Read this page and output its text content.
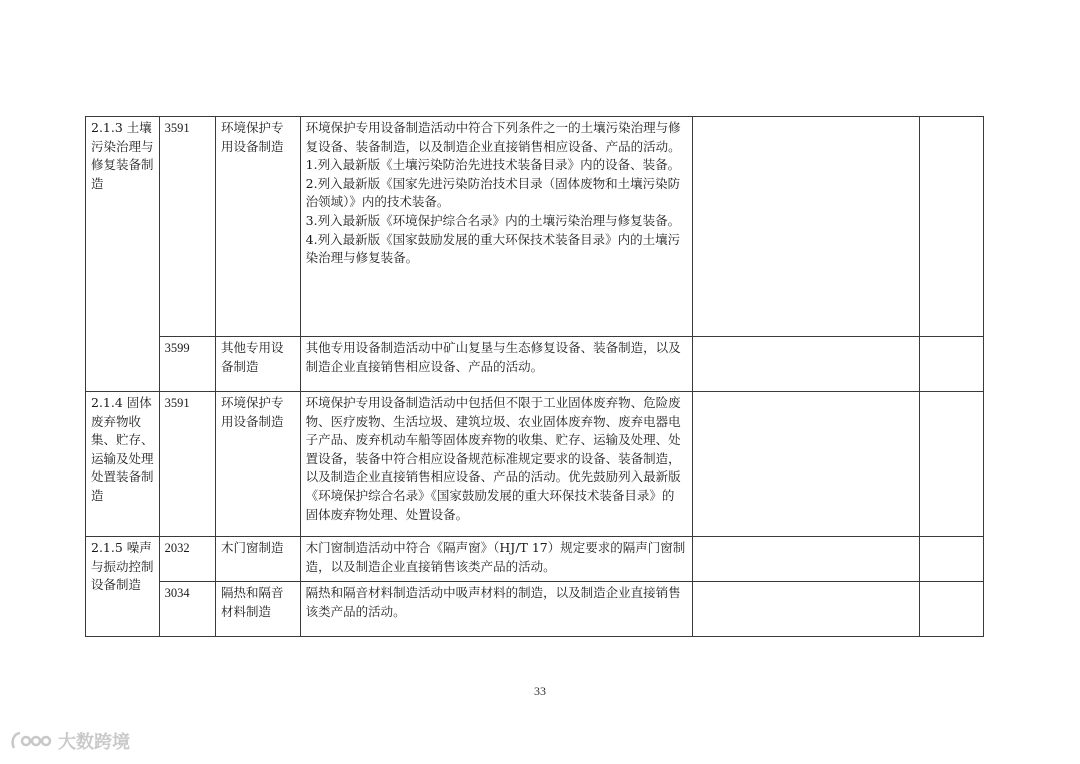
2.1.3 土壤污染治理与修复装备制造	3591	环境保护专用设备制造	环境保护专用设备制造活动中符合下列条件之一的土壤污染治理与修复设备、装备制造，以及制造企业直接销售相应设备、产品的活动。
1.列入最新版《土壤污染防治先进技术装备目录》内的设备、装备。
2.列入最新版《国家先进污染防治技术目录（固体废物和土壤污染防治领域）》内的技术装备。
3.列入最新版《环境保护综合名录》内的土壤污染治理与修复装备。
4.列入最新版《国家鼓励发展的重大环保技术装备目录》内的土壤污染治理与修复装备。		

	3599	其他专用设备制造	其他专用设备制造活动中矿山复垦与生态修复设备、装备制造，以及制造企业直接销售相应设备、产品的活动。		

2.1.4 固体废弃物收集、贮存、运输及处理处置装备制造	3591	环境保护专用设备制造	环境保护专用设备制造活动中包括但不限于工业固体废弃物、危险废物、医疗废物、生活垃圾、建筑垃圾、农业固体废弃物、废弃电器电子产品、废弃机动车船等固体废弃物的收集、贮存、运输及处理、处置设备，装备中符合相应设备规范标准规定要求的设备、装备制造，以及制造企业直接销售相应设备、产品的活动。优先鼓励列入最新版《环境保护综合名录》《国家鼓励发展的重大环保技术装备目录》的固体废弃物处理、处置设备。		

2.1.5 噪声与振动控制设备制造	2032	木门窗制造	木门窗制造活动中符合《隔声窗》（HJ/T 17）规定要求的隔声门窗制造，以及制造企业直接销售该类产品的活动。		

	3034	隔热和隔音材料制造	隔热和隔音材料制造活动中吸声材料的制造，以及制造企业直接销售该类产品的活动。		

33
大数跨境
